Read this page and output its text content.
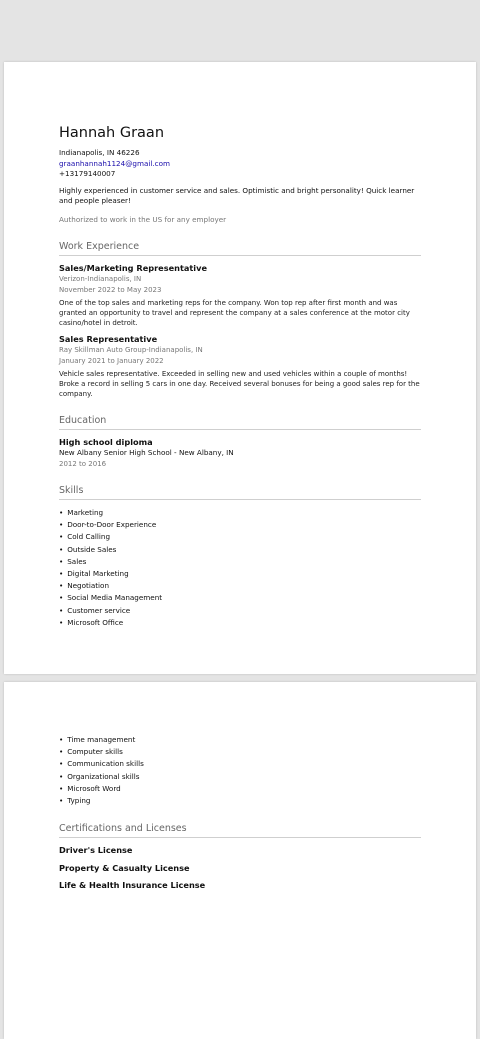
Hannah Graan
Indianapolis, IN 46226
graanhannah1124@gmail.com
+13179140007
Highly experienced in customer service and sales. Optimistic and bright personality! Quick learner and people pleaser!
Authorized to work in the US for any employer
Work Experience
Sales/Marketing Representative
Verizon-Indianapolis, IN
November 2022 to May 2023
One of the top sales and marketing reps for the company. Won top rep after first month and was granted an opportunity to travel and represent the company at a sales conference at the motor city casino/hotel in detroit.
Sales Representative
Ray Skillman Auto Group-Indianapolis, IN
January 2021 to January 2022
Vehicle sales representative. Exceeded in selling new and used vehicles within a couple of months! Broke a record in selling 5 cars in one day. Received several bonuses for being a good sales rep for the company.
Education
High school diploma
New Albany Senior High School - New Albany, IN
2012 to 2016
Skills
• Marketing
• Door-to-Door Experience
• Cold Calling
• Outside Sales
• Sales
• Digital Marketing
• Negotiation
• Social Media Management
• Customer service
• Microsoft Office
• Time management
• Computer skills
• Communication skills
• Organizational skills
• Microsoft Word
• Typing
Certifications and Licenses
Driver's License
Property & Casualty License
Life & Health Insurance License
